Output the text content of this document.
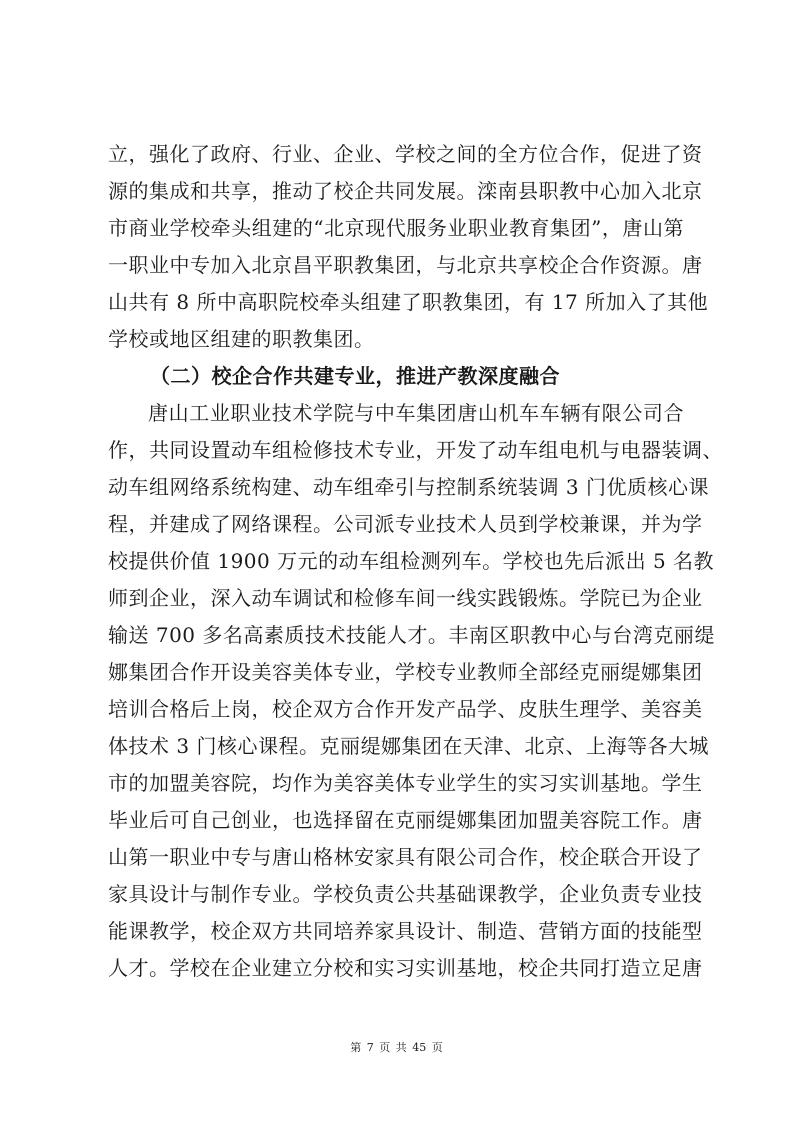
立，强化了政府、行业、企业、学校之间的全方位合作，促进了资
源的集成和共享，推动了校企共同发展。滦南县职教中心加入北京
市商业学校牵头组建的“北京现代服务业职业教育集团”，唐山第
一职业中专加入北京昌平职教集团，与北京共享校企合作资源。唐
山共有 8 所中高职院校牵头组建了职教集团，有 17 所加入了其他
学校或地区组建的职教集团。
（二）校企合作共建专业，推进产教深度融合
唐山工业职业技术学院与中车集团唐山机车车辆有限公司合
作，共同设置动车组检修技术专业，开发了动车组电机与电器装调、
动车组网络系统构建、动车组牵引与控制系统装调 3 门优质核心课
程，并建成了网络课程。公司派专业技术人员到学校兼课，并为学
校提供价值 1900 万元的动车组检测列车。学校也先后派出 5 名教
师到企业，深入动车调试和检修车间一线实践锻炼。学院已为企业
输送 700 多名高素质技术技能人才。丰南区职教中心与台湾克丽缇
娜集团合作开设美容美体专业，学校专业教师全部经克丽缇娜集团
培训合格后上岗，校企双方合作开发产品学、皮肤生理学、美容美
体技术 3 门核心课程。克丽缇娜集团在天津、北京、上海等各大城
市的加盟美容院，均作为美容美体专业学生的实习实训基地。学生
毕业后可自己创业，也选择留在克丽缇娜集团加盟美容院工作。唐
山第一职业中专与唐山格林安家具有限公司合作，校企联合开设了
家具设计与制作专业。学校负责公共基础课教学，企业负责专业技
能课教学，校企双方共同培养家具设计、制造、营销方面的技能型
人才。学校在企业建立分校和实习实训基地，校企共同打造立足唐
第 7 页 共 45 页
